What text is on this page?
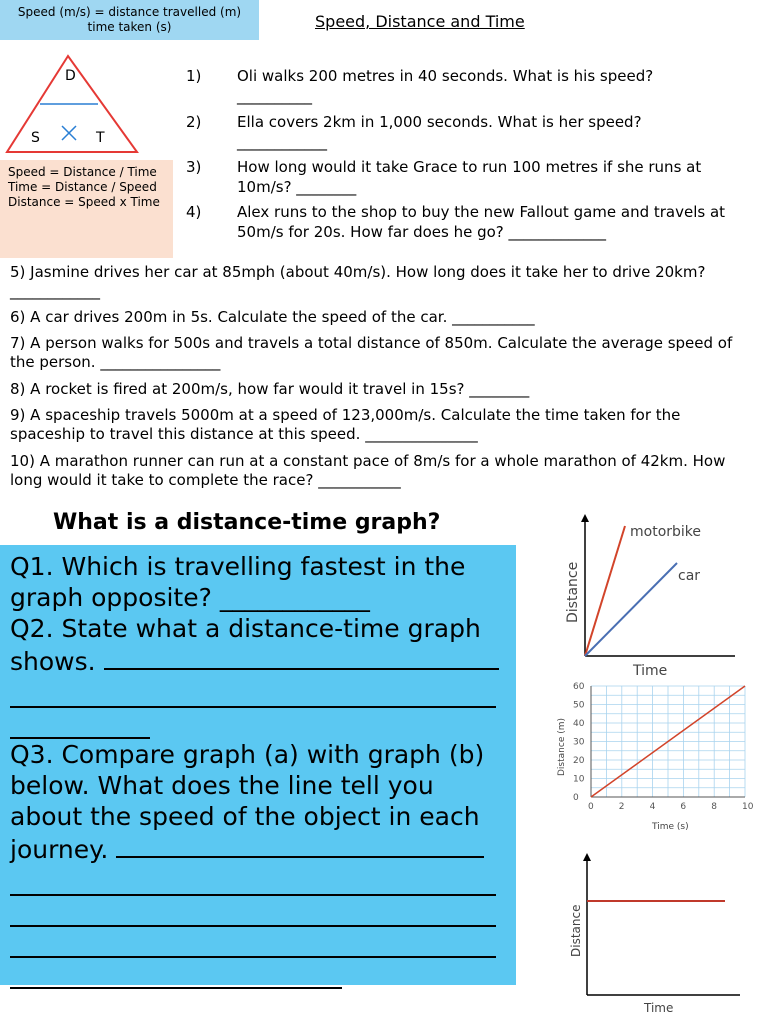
Speed (m/s) = distance travelled (m)
time taken (s)	Speed, Distance and Time
D
S	T
Speed = Distance / Time
Time = Distance / Speed
Distance = Speed x Time
1) Oli walks 200 metres in 40 seconds. What is his speed? __________
2) Ella covers 2km in 1,000 seconds. What is her speed? ____________
3) How long would it take Grace to run 100 metres if she runs at 10m/s? ________
4) Alex runs to the shop to buy the new Fallout game and travels at 50m/s for 20s. How far does he go? _____________
5) Jasmine drives her car at 85mph (about 40m/s). How long does it take her to drive 20km? ____________
6) A car drives 200m in 5s. Calculate the speed of the car. ___________
7) A person walks for 500s and travels a total distance of 850m. Calculate the average speed of the person. ________________
8) A rocket is fired at 200m/s, how far would it travel in 15s? ________
9) A spaceship travels 5000m at a speed of 123,000m/s. Calculate the time taken for the spaceship to travel this distance at this speed. _______________
10) A marathon runner can run at a constant pace of 8m/s for a whole marathon of 42km. How long would it take to complete the race? ___________
What is a distance-time graph?

Q1. Which is travelling fastest in the graph opposite? ____________

Q2. State what a distance-time graph shows.

Q3. Compare graph (a) with graph (b) below. What does the line tell you about the speed of the object in each journey.

motorbike
car
Time
Distance
0	2	4	6	8	10
0
10
20
30
40
50
60
Time (s)
Distance (m)
Time
Distance
